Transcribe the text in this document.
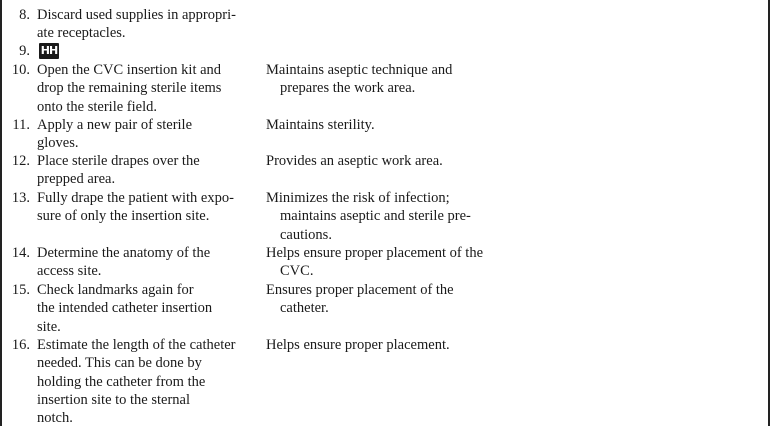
8. Discard used supplies in appropri-
ate receptacles.
9. HH
10. Open the CVC insertion kit and
drop the remaining sterile items
onto the sterile field.
Maintains aseptic technique and
prepares the work area.
11. Apply a new pair of sterile
gloves.
Maintains sterility.
12. Place sterile drapes over the
prepped area.
Provides an aseptic work area.
13. Fully drape the patient with expo-
sure of only the insertion site.
Minimizes the risk of infection;
maintains aseptic and sterile pre-
cautions.
14. Determine the anatomy of the
access site.
Helps ensure proper placement of the
CVC.
15. Check landmarks again for
the intended catheter insertion
site.
Ensures proper placement of the
catheter.
16. Estimate the length of the catheter
needed. This can be done by
holding the catheter from the
insertion site to the sternal
notch.
Helps ensure proper placement.
